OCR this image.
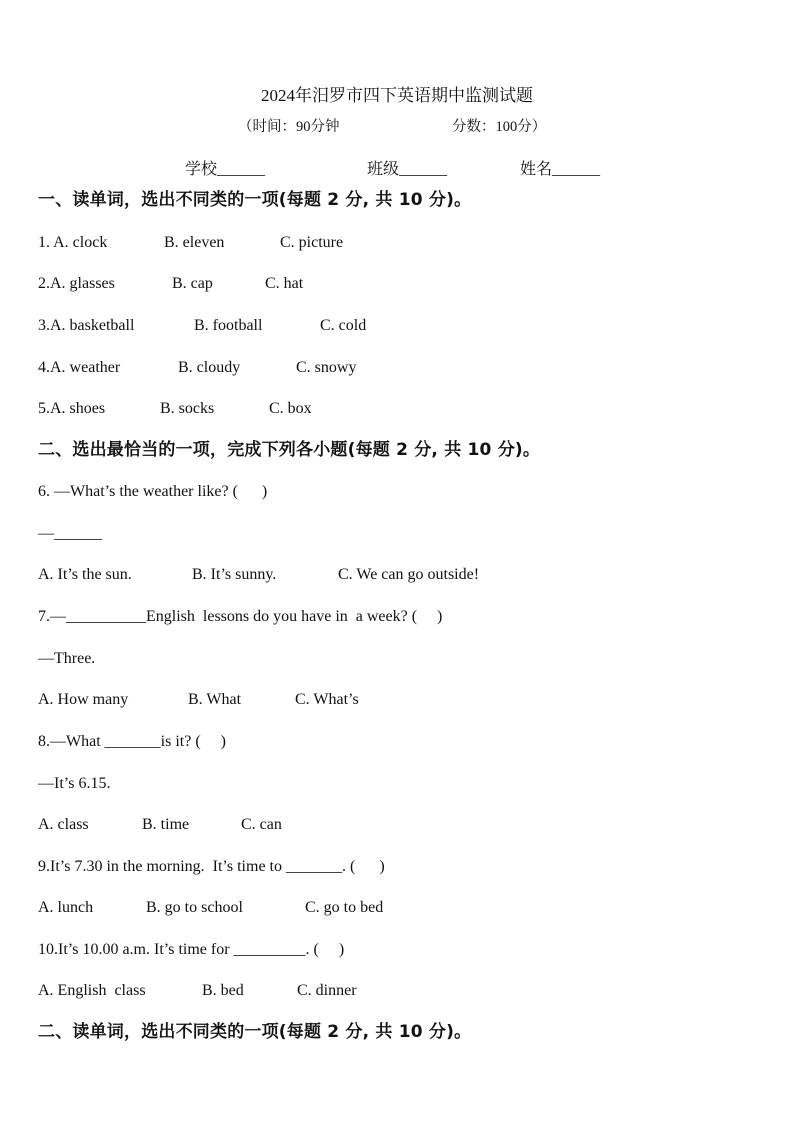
2024年汨罗市四下英语期中监测试题
（时间：90分钟	分数：100分）
学校______	班级______	姓名______
一、读单词，选出不同类的一项(每题 2 分, 共 10 分)。
1. A. clock	B. eleven	C. picture
2.A. glasses	B. cap	C. hat
3.A. basketball	B. football	C. cold
4.A. weather	B. cloudy	C. snowy
5.A. shoes	B. socks	C. box
二、选出最恰当的一项，完成下列各小题(每题 2 分, 共 10 分)。
6. —What’s the weather like? (      )
—______
A. It’s the sun.	B. It’s sunny.	C. We can go outside!
7.—__________English  lessons do you have in  a week? (     )
—Three.
A. How many	B. What	C. What’s
8.—What _______is it? (     )
—It’s 6.15.
A. class	B. time	C. can
9.It’s 7.30 in the morning.  It’s time to _______. (      )
A. lunch	B. go to school	C. go to bed
10.It’s 10.00 a.m. It’s time for _________. (     )
A. English  class	B. bed	C. dinner
二、读单词，选出不同类的一项(每题 2 分, 共 10 分)。
